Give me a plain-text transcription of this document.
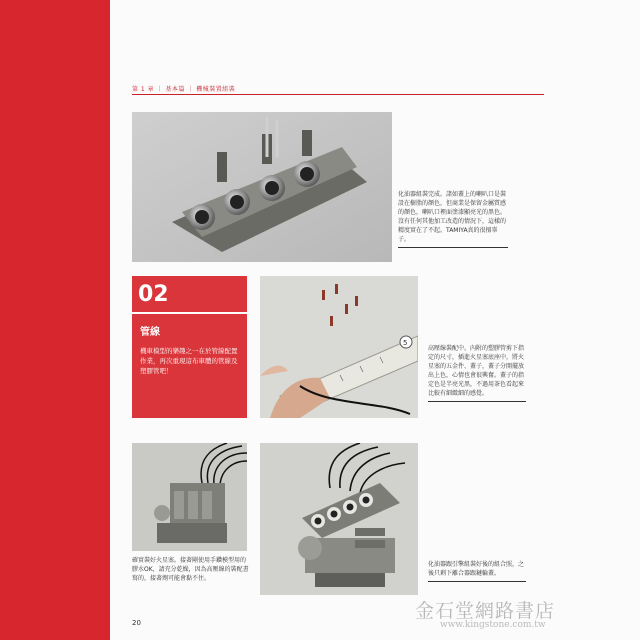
第 1 章 ｜ 基本篇 ｜ 機械裝置組裝
化油器組裝完成。諸如蓋上的喇叭口是裝設在樹脂的顏色，但商業是保留金屬質感的顏色，喇叭口裡面塗漆顯亮光的黑色。沒有任何其他加工改造的情況下，這樣的精度實在了不起。TAMIYA真的很擅辜子。
02
管線
機車模型的樂趣之一在於管線配置作業，再次重現這布車體的管線及塑膠管吧！
5
高壓線裝配中。內附的塑膠管剪下指定的尺寸，插進火星塞底座中，將火星塞的五金件、蓋子，蓋子分開擺放出上色，心情也會很興奮。蓋子的指定色是半亮光黑，不過用茶色看起來比較有細緻細的感覺。
確實裝好火星塞。接著剛使用手鑽模型用的膠水OK，請充分乾燥，因為高壓線的裝配書寫的，接著劑可能會黏不住。
化油器跟引擎組裝好後的組合照，之後只剩下離合器跟鏈輪蓋。
20
金石堂網路書店
www.kingstone.com.tw
